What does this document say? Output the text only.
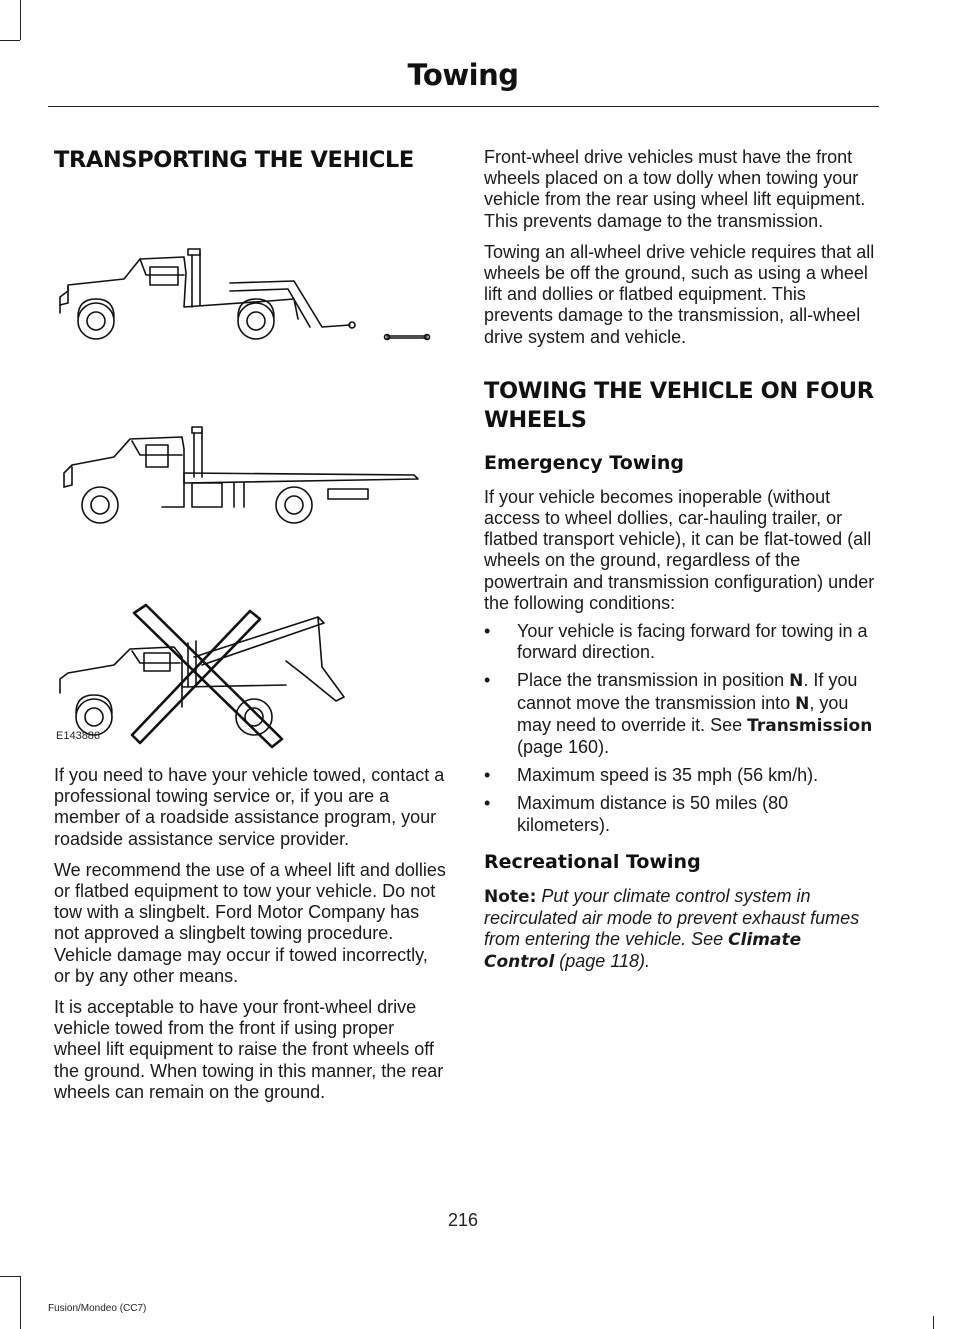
Towing
TRANSPORTING THE VEHICLE
E143886

If you need to have your vehicle towed, contact a professional towing service or, if you are a member of a roadside assistance program, your roadside assistance service provider.

We recommend the use of a wheel lift and dollies or flatbed equipment to tow your vehicle. Do not tow with a slingbelt. Ford Motor Company has not approved a slingbelt towing procedure. Vehicle damage may occur if towed incorrectly, or by any other means.

It is acceptable to have your front-wheel drive vehicle towed from the front if using proper wheel lift equipment to raise the front wheels off the ground. When towing in this manner, the rear wheels can remain on the ground.

Front-wheel drive vehicles must have the front wheels placed on a tow dolly when towing your vehicle from the rear using wheel lift equipment. This prevents damage to the transmission.

Towing an all-wheel drive vehicle requires that all wheels be off the ground, such as using a wheel lift and dollies or flatbed equipment. This prevents damage to the transmission, all-wheel drive system and vehicle.

TOWING THE VEHICLE ON FOUR WHEELS
Emergency Towing

If your vehicle becomes inoperable (without access to wheel dollies, car-hauling trailer, or flatbed transport vehicle), it can be flat-towed (all wheels on the ground, regardless of the powertrain and transmission configuration) under the following conditions:

• Your vehicle is facing forward for towing in a forward direction.
• Place the transmission in position N. If you cannot move the transmission into N, you may need to override it. See Transmission (page 160).
• Maximum speed is 35 mph (56 km/h).
• Maximum distance is 50 miles (80 kilometers).
Recreational Towing
Note: Put your climate control system in recirculated air mode to prevent exhaust fumes from entering the vehicle. See Climate Control (page 118).
216
Fusion/Mondeo (CC7)
